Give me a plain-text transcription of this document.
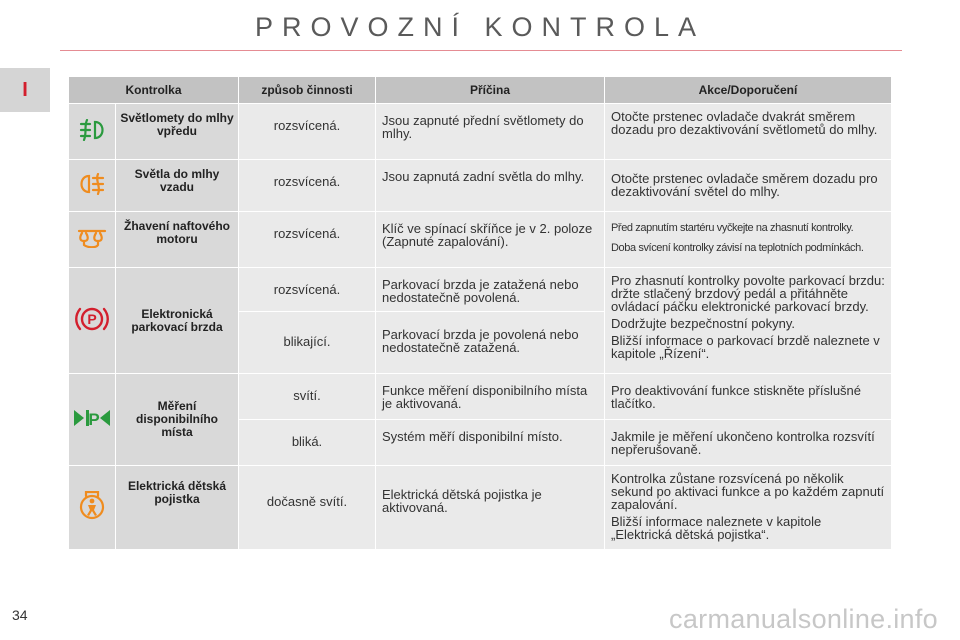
PROVOZNÍ KONTROLA
I	Kontrolka		způsob činnosti	Příčina	Akce/Doporučení
	Světlomety do mlhy vpředu	rozsvícená.	Jsou zapnuté přední světlomety do mlhy.	Otočte prstenec ovladače dvakrát směrem dozadu pro dezaktivování světlometů do mlhy.

	Světla do mlhy vzadu	rozsvícená.	Jsou zapnutá zadní světla do mlhy.	Otočte prstenec ovladače směrem dozadu pro dezaktivování světel do mlhy.

	Žhavení naftového motoru	rozsvícená.	Klíč ve spínací skříňce je v 2. poloze (Zapnuté zapalování).	Před zapnutím startéru vyčkejte na zhasnutí kontrolky.

Doba svícení kontrolky závisí na teplotních podmínkách.

P	Elektronická parkovací brzda	rozsvícená.	Parkovací brzda je zatažená nebo nedostatečně povolená.	Pro zhasnutí kontrolky povolte parkovací brzdu: držte stlačený brzdový pedál a přitáhněte ovládací páčku elektronické parkovací brzdy.

Dodržujte bezpečnostní pokyny.

Bližší informace o parkovací brzdě naleznete v kapitole „Řízení“.

		blikající.	Parkovací brzda je povolená nebo nedostatečně zatažená.	

P	Měření disponibilního místa	svítí.	Funkce měření disponibilního místa je aktivovaná.	Pro deaktivování funkce stiskněte příslušné tlačítko.

		bliká.	Systém měří disponibilní místo.	Jakmile je měření ukončeno kontrolka rozsvítí nepřerušovaně.

	Elektrická dětská pojistka	dočasně svítí.	Elektrická dětská pojistka je aktivovaná.	Kontrolka zůstane rozsvícená po několik sekund po aktivaci funkce a po každém zapnutí zapalování.

Bližší informace naleznete v kapitole „Elektrická dětská pojistka“.

34	carmanualsonline.info
